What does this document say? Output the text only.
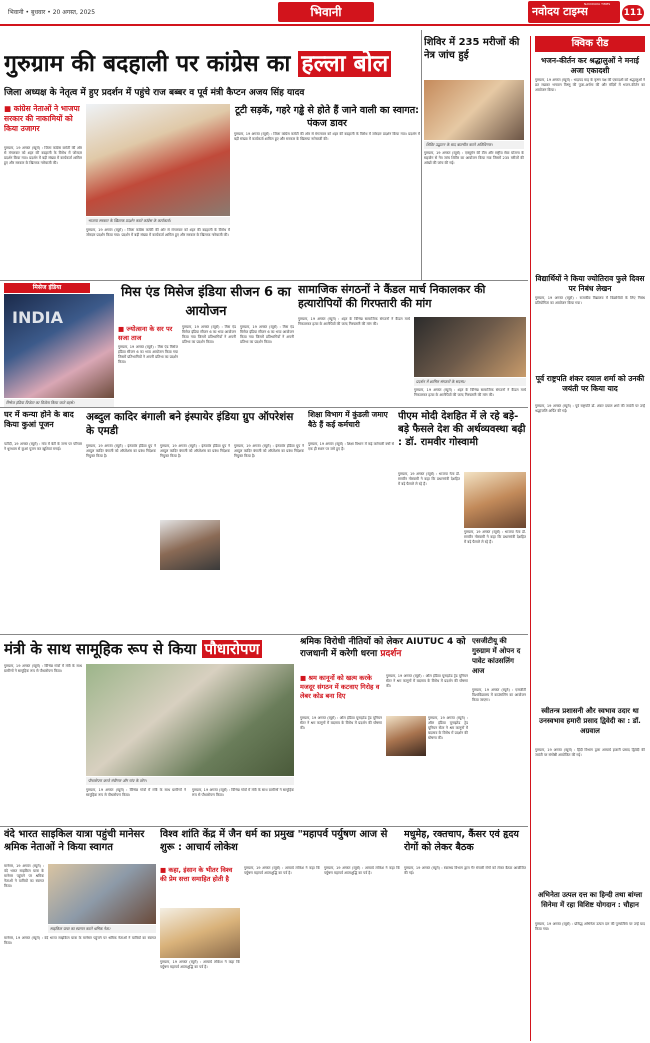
भिवानी • बुधवार • 20 अगस्त, 2025	भिवानी	नवोदय टाइम्स
NAVODAYA TIMES
111
गुरुग्राम की बदहाली पर कांग्रेस का हल्ला बोल
शिविर में 235 मरीजों की नेत्र जांच हुई
शिविर उद्घाटन के बाद बातचीत करते अतिथिगण।
गुरुग्राम, 19 अगस्त (ब्यूरो) : एक्यूमेन की टीम और राष्ट्रीय सेवा योजना के सहयोग से नेत्र जांच शिविर का आयोजन किया गया जिसमें 235 मरीजों की आंखों की जांच की गई।
जिला अध्यक्ष के नेतृत्व में हुए प्रदर्शन में पहुंचे राज बब्बर व पूर्व मंत्री कैप्टन अजय सिंह यादव
■ कांग्रेस नेताओं ने भाजपा सरकार की नाकामियों को किया उजागर
गुरुग्राम, 19 अगस्त (ब्यूरो) : जिला कांग्रेस कमेटी की ओर से मंगलवार को शहर की बदहाली के विरोध में जोरदार प्रदर्शन किया गया। प्रदर्शन में बड़ी संख्या में कार्यकर्ता शामिल हुए और सरकार के खिलाफ नारेबाजी की।
भाजपा सरकार के खिलाफ प्रदर्शन करते कांग्रेस के कार्यकर्ता।
टूटी सड़कें, गहरे गड्ढे से होते हैं जाने वाली का स्वागत: पंकज डावर
गुरुग्राम, 19 अगस्त (ब्यूरो) : जिला कांग्रेस कमेटी की ओर से मंगलवार को शहर की बदहाली के विरोध में जोरदार प्रदर्शन किया गया। प्रदर्शन में बड़ी संख्या में कार्यकर्ता शामिल हुए और सरकार के खिलाफ नारेबाजी की।
गुरुग्राम, 19 अगस्त (ब्यूरो) : जिला कांग्रेस कमेटी की ओर से मंगलवार को शहर की बदहाली के विरोध में जोरदार प्रदर्शन किया गया। प्रदर्शन में बड़ी संख्या में कार्यकर्ता शामिल हुए और सरकार के खिलाफ नारेबाजी की।
मिसेज इंडिया
INDIA
मिसेज इंडिया विजेता का विजेता किया जाते बहसे।
मिस एंड मिसेज इंडिया सीजन 6 का आयोजन
■ ज्योत्सना के सर पर सजा ताज
गुरुग्राम, 19 अगस्त (ब्यूरो) : मिस एंड मिसेज इंडिया सीजन 6 का भव्य आयोजन किया गया जिसमें प्रतिभागियों ने अपनी प्रतिभा का प्रदर्शन किया।
गुरुग्राम, 19 अगस्त (ब्यूरो) : मिस एंड मिसेज इंडिया सीजन 6 का भव्य आयोजन किया गया जिसमें प्रतिभागियों ने अपनी प्रतिभा का प्रदर्शन किया।
गुरुग्राम, 19 अगस्त (ब्यूरो) : मिस एंड मिसेज इंडिया सीजन 6 का भव्य आयोजन किया गया जिसमें प्रतिभागियों ने अपनी प्रतिभा का प्रदर्शन किया।
सामाजिक संगठनों ने कैंडल मार्च निकालकर की हत्यारोपियों की गिरफ्तारी की मांग
गुरुग्राम, 19 अगस्त (ब्यूरो) : शहर के विभिन्न सामाजिक संगठनों ने कैंडल मार्च निकालकर हत्या के आरोपियों की जल्द गिरफ्तारी की मांग की।
प्रदर्शन में शामिल संगठनों के सदस्य।
गुरुग्राम, 19 अगस्त (ब्यूरो) : शहर के विभिन्न सामाजिक संगठनों ने कैंडल मार्च निकालकर हत्या के आरोपियों की जल्द गिरफ्तारी की मांग की।
घर में कन्या होने के बाद किया कुआं पूजन
पटौदी, 19 अगस्त (ब्यूरो) : गांव में बेटी के जन्म पर परिवार ने धूमधाम से कुआं पूजन कर खुशियां मनाई।
अब्दुल कादिर बंगाली बने इंस्पायेर इंडिया ग्रुप ऑपरेशंस के एमडी
गुरुग्राम, 19 अगस्त (ब्यूरो) : इंस्पायेर इंडिया ग्रुप ने अब्दुल कादिर बंगाली को ऑपरेशंस का प्रबंध निदेशक नियुक्त किया है।
गुरुग्राम, 19 अगस्त (ब्यूरो) : इंस्पायेर इंडिया ग्रुप ने अब्दुल कादिर बंगाली को ऑपरेशंस का प्रबंध निदेशक नियुक्त किया है।
गुरुग्राम, 19 अगस्त (ब्यूरो) : इंस्पायेर इंडिया ग्रुप ने अब्दुल कादिर बंगाली को ऑपरेशंस का प्रबंध निदेशक नियुक्त किया है।
शिक्षा विभाग में कुंडली जमाए बैठे हैं कई कर्मचारी
गुरुग्राम, 19 अगस्त (ब्यूरो) : शिक्षा विभाग में कई कर्मचारी वर्षों से एक ही स्थान पर जमे हुए हैं।
पीएम मोदी देशहित में ले रहे बड़े-बड़े फैसले देश की अर्थव्यवस्था बढ़ी : डॉ. रामवीर गोस्वामी
गुरुग्राम, 19 अगस्त (ब्यूरो) : भाजपा नेता डॉ. रामवीर गोस्वामी ने कहा कि प्रधानमंत्री देशहित में बड़े फैसले ले रहे हैं।
गुरुग्राम, 19 अगस्त (ब्यूरो) : भाजपा नेता डॉ. रामवीर गोस्वामी ने कहा कि प्रधानमंत्री देशहित में बड़े फैसले ले रहे हैं।
मंत्री के साथ सामूहिक रूप से किया पौधारोपण
गुरुग्राम, 19 अगस्त (ब्यूरो) : विभिन्न गांवों में मंत्री के साथ ग्रामीणों ने सामूहिक रूप से पौधारोपण किया।
पौधारोपण करते मंत्रीगण और गांव के लोग।
गुरुग्राम, 19 अगस्त (ब्यूरो) : विभिन्न गांवों में मंत्री के साथ ग्रामीणों ने सामूहिक रूप से पौधारोपण किया।
गुरुग्राम, 19 अगस्त (ब्यूरो) : विभिन्न गांवों में मंत्री के साथ ग्रामीणों ने सामूहिक रूप से पौधारोपण किया।
श्रमिक विरोधी नीतियों को लेकर AIUTUC 4 को राजधानी में करेगी धरना प्रदर्शन
■ श्रम कानूनों को खत्म करके मजदूर संगठन में कटवाए गिरोह व लेबर कोड बना दिए
गुरुग्राम, 19 अगस्त (ब्यूरो) : ऑल इंडिया यूनाइटेड ट्रेड यूनियन सेंटर ने श्रम कानूनों में बदलाव के विरोध में प्रदर्शन की घोषणा की।
गुरुग्राम, 19 अगस्त (ब्यूरो) : ऑल इंडिया यूनाइटेड ट्रेड यूनियन सेंटर ने श्रम कानूनों में बदलाव के विरोध में प्रदर्शन की घोषणा की।
गुरुग्राम, 19 अगस्त (ब्यूरो) : ऑल इंडिया यूनाइटेड ट्रेड यूनियन सेंटर ने श्रम कानूनों में बदलाव के विरोध में प्रदर्शन की घोषणा की।
एसजीटीयू की गुरुग्राम में ओपन द पावेट कांउसलिंग आज
गुरुग्राम, 19 अगस्त (ब्यूरो) : एसजीटी विश्वविद्यालय में काउंसलिंग का आयोजन किया जाएगा।
वंदे भारत साइकिल यात्रा पहुंची मानेसर श्रमिक नेताओं ने किया स्वागत
मानेसर, 19 अगस्त (ब्यूरो) : वंदे भारत साइकिल यात्रा के मानेसर पहुंचने पर श्रमिक नेताओं ने यात्रियों का स्वागत किया।
साइकिल यात्रा का स्वागत करते श्रमिक नेता।
मानेसर, 19 अगस्त (ब्यूरो) : वंदे भारत साइकिल यात्रा के मानेसर पहुंचने पर श्रमिक नेताओं ने यात्रियों का स्वागत किया।
विश्व शांति केंद्र में जैन धर्म का प्रमुख "महापर्व पर्युषण आज से शुरू : आचार्य लोकेश
■ कहा, इंसान के भीतर विश्व की प्रेम सत्ता समाहित होती है
गुरुग्राम, 19 अगस्त (ब्यूरो) : आचार्य लोकेश ने कहा कि पर्युषण महापर्व आत्मशुद्धि का पर्व है।
गुरुग्राम, 19 अगस्त (ब्यूरो) : आचार्य लोकेश ने कहा कि पर्युषण महापर्व आत्मशुद्धि का पर्व है।
गुरुग्राम, 19 अगस्त (ब्यूरो) : आचार्य लोकेश ने कहा कि पर्युषण महापर्व आत्मशुद्धि का पर्व है।
मधुमेह, रक्तचाप, कैंसर एवं हृदय रोगों को लेकर बैठक
गुरुग्राम, 19 अगस्त (ब्यूरो) : स्वास्थ्य विभाग द्वारा गैर संचारी रोगों को लेकर बैठक आयोजित की गई।
क्विक रीड
भजन-कीर्तन कर श्रद्धालुओं ने मनाई अजा एकादशी
गुरुग्राम, 19 अगस्त (ब्यूरो) : भाद्रपद माह के कृष्ण पक्ष की एकादशी को श्रद्धालुओं ने व्रत रखकर भगवान विष्णु की पूजा-अर्चना की और मंदिरों में भजन-कीर्तन का आयोजन किया।
विद्यार्थियों ने किया ज्योतिराव फुले दिवस पर निबंध लेखन
गुरुग्राम, 19 अगस्त (ब्यूरो) : राजकीय विद्यालय में विद्यार्थियों के लिए निबंध प्रतियोगिता का आयोजन किया गया।
पूर्व राष्ट्रपति शंकर दयाल शर्मा को उनकी जयंती पर किया याद
गुरुग्राम, 19 अगस्त (ब्यूरो) : पूर्व राष्ट्रपति डॉ. शंकर दयाल शर्मा की जयंती पर उन्हें श्रद्धांजलि अर्पित की गई।
स्वीतन्त्र प्रशासनी और स्वभाव उदार था उनस्वभाव हमारी प्रसाद द्विवेदी का : डॉ. अग्रवाल
गुरुग्राम, 19 अगस्त (ब्यूरो) : हिंदी विभाग द्वारा आचार्य हजारी प्रसाद द्विवेदी की जयंती पर संगोष्ठी आयोजित की गई।
अभिनेता उत्पल दत्त का हिन्दी तथा बांग्ला सिनेमा में रहा विशिष्ट योगदान : चौहान
गुरुग्राम, 19 अगस्त (ब्यूरो) : प्रसिद्ध अभिनेता उत्पल दत्त की पुण्यतिथि पर उन्हें याद किया गया।
